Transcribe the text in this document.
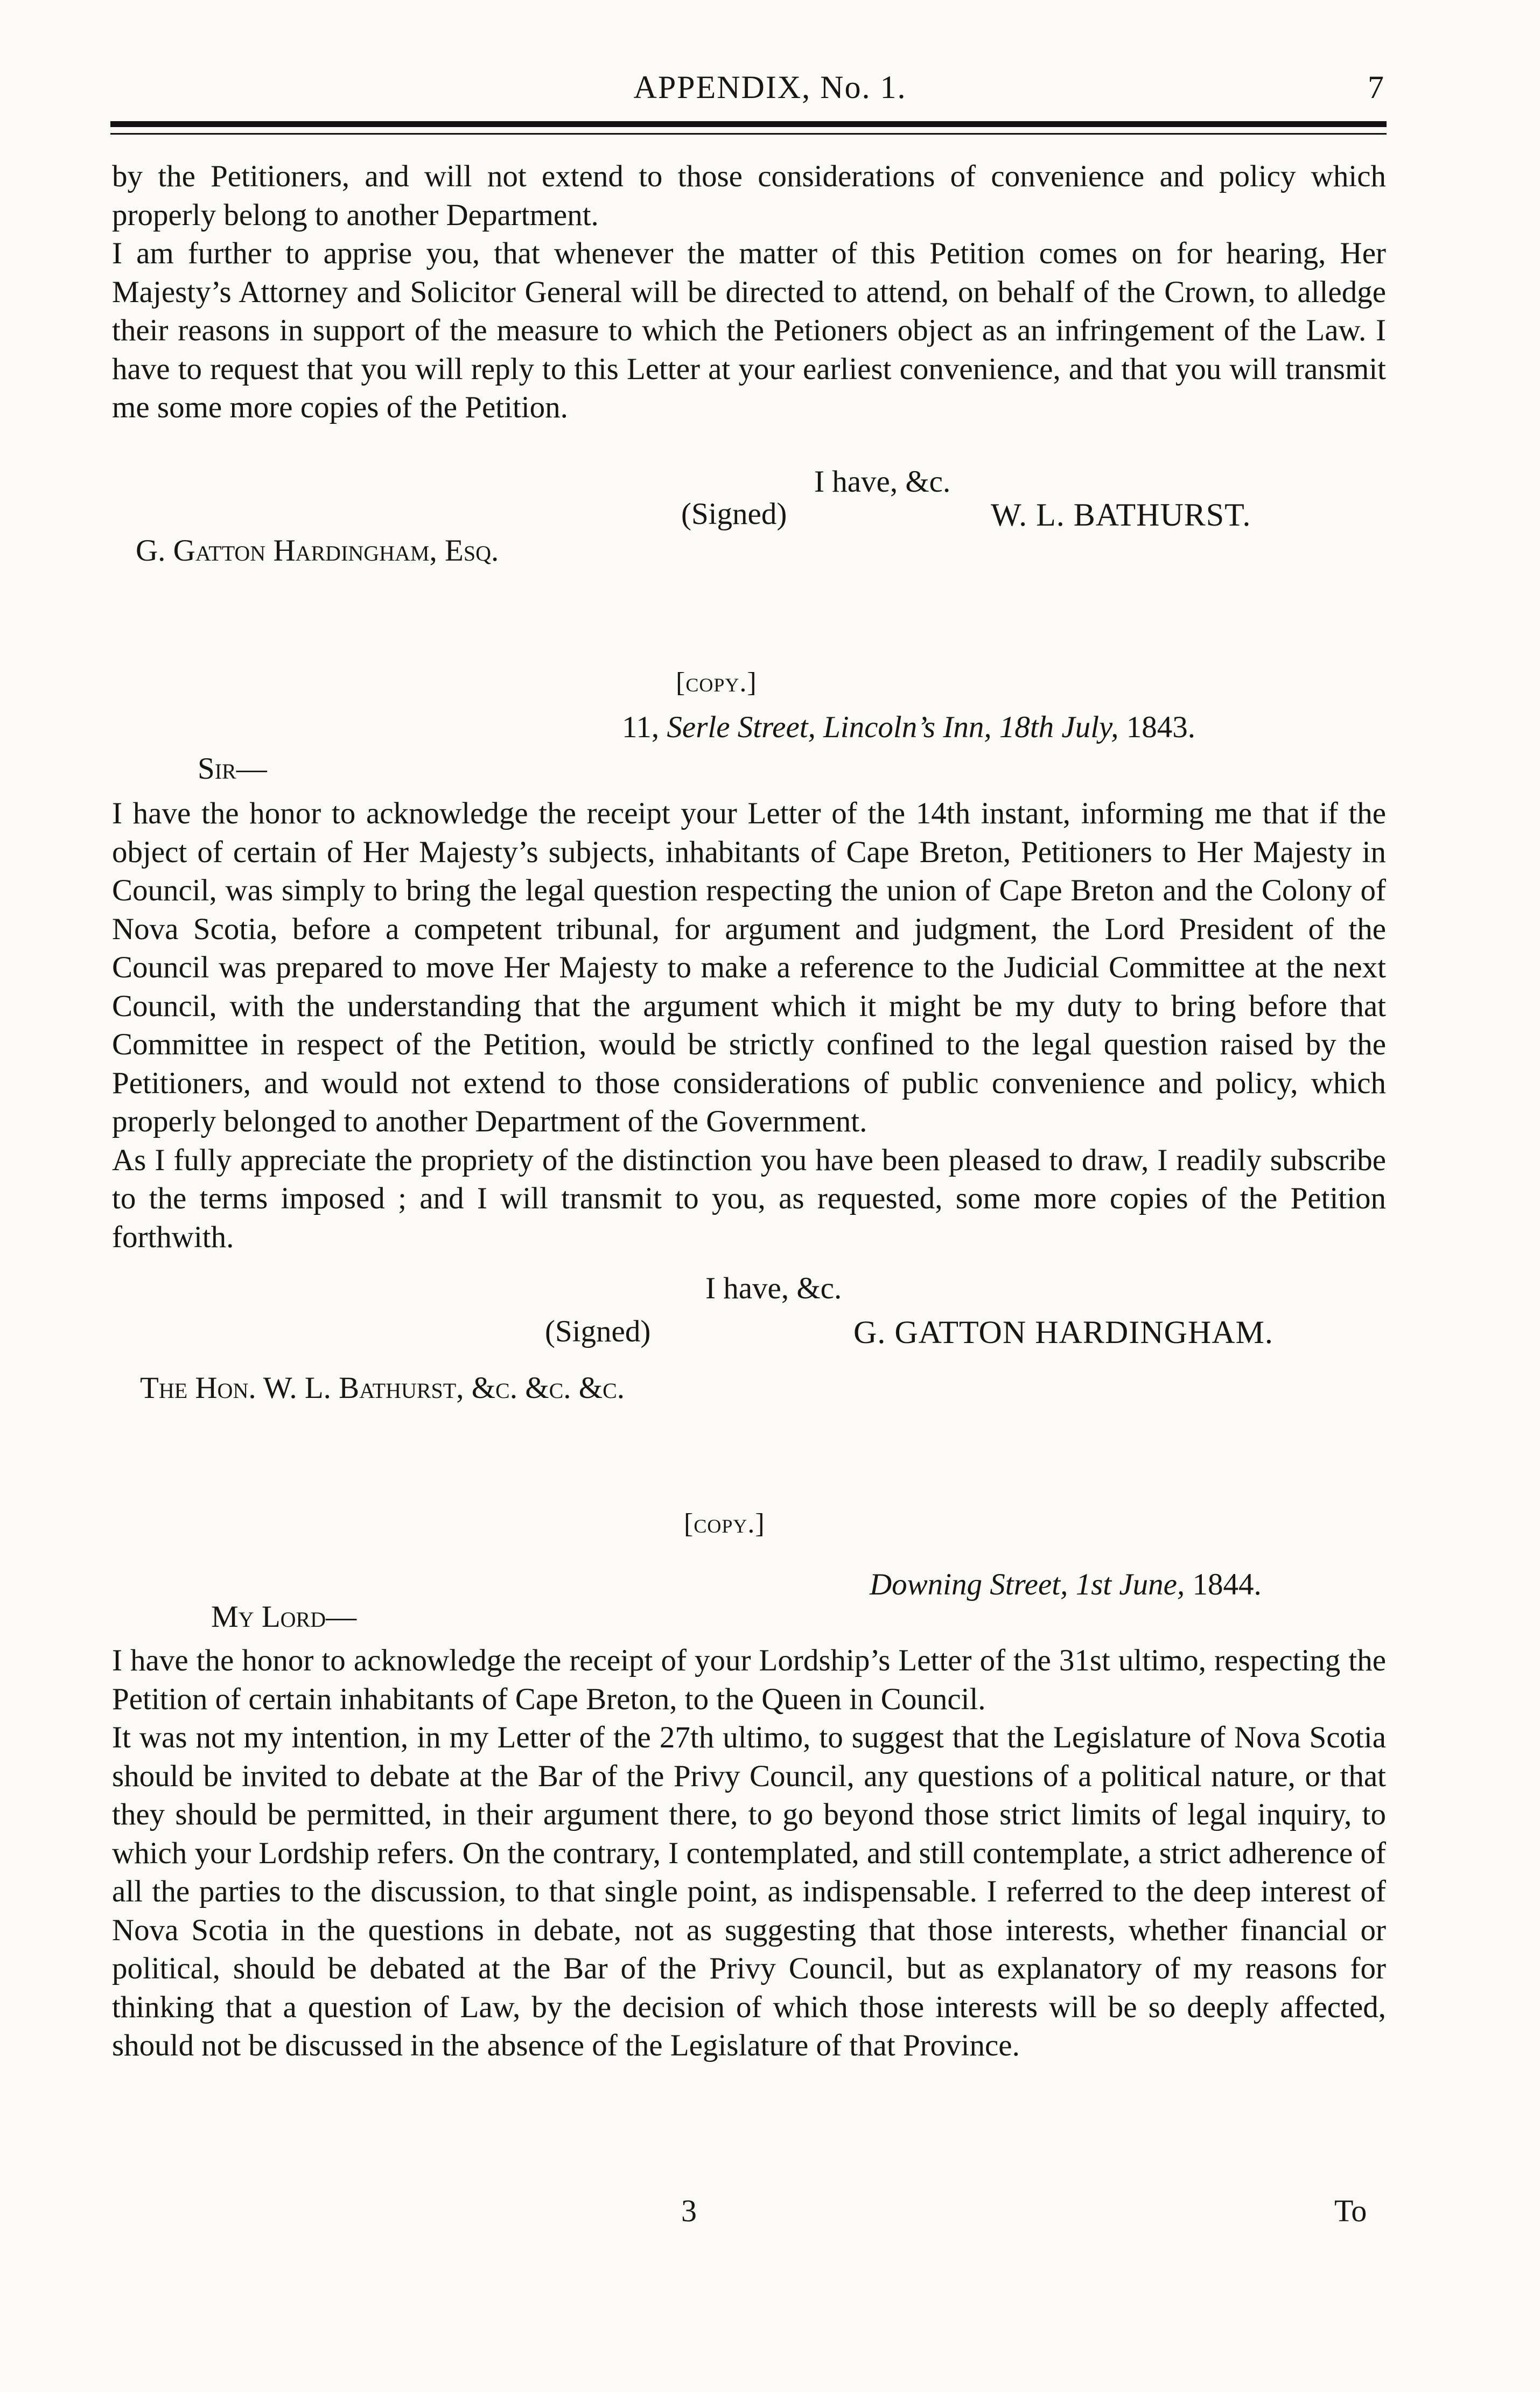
APPENDIX, No. 1.	7

by the Petitioners, and will not extend to those considerations of convenience and policy which properly belong to another Department.

I am further to apprise you, that whenever the matter of this Petition comes on for hearing, Her Majesty’s Attorney and Solicitor General will be directed to attend, on behalf of the Crown, to alledge their reasons in support of the measure to which the Petioners object as an infringement of the Law. I have to request that you will reply to this Letter at your earliest convenience, and that you will transmit me some more copies of the Petition.

I have, &c.
(Signed)	W. L. BATHURST.
G. Gatton Hardingham, Esq.
[copy.]
11, Serle Street, Lincoln’s Inn, 18th July, 1843.
Sir—

I have the honor to acknowledge the receipt your Letter of the 14th instant, informing me that if the object of certain of Her Majesty’s subjects, inhabitants of Cape Breton, Petitioners to Her Majesty in Council, was simply to bring the legal question respecting the union of Cape Breton and the Colony of Nova Scotia, before a competent tribunal, for argument and judgment, the Lord President of the Council was prepared to move Her Majesty to make a reference to the Judicial Committee at the next Council, with the understanding that the argument which it might be my duty to bring before that Committee in respect of the Petition, would be strictly confined to the legal question raised by the Petitioners, and would not extend to those considerations of public convenience and policy, which properly belonged to another Department of the Government.

As I fully appreciate the propriety of the distinction you have been pleased to draw, I readily subscribe to the terms imposed ; and I will transmit to you, as requested, some more copies of the Petition forthwith.

I have, &c.
(Signed)	G. GATTON HARDINGHAM.
The Hon. W. L. Bathurst, &c. &c. &c.
[copy.]
Downing Street, 1st June, 1844.
My Lord—

I have the honor to acknowledge the receipt of your Lordship’s Letter of the 31st ultimo, respecting the Petition of certain inhabitants of Cape Breton, to the Queen in Council.

It was not my intention, in my Letter of the 27th ultimo, to suggest that the Legislature of Nova Scotia should be invited to debate at the Bar of the Privy Council, any questions of a political nature, or that they should be permitted, in their argument there, to go beyond those strict limits of legal inquiry, to which your Lordship refers. On the contrary, I contemplated, and still contemplate, a strict adherence of all the parties to the discussion, to that single point, as indispensable. I referred to the deep interest of Nova Scotia in the questions in debate, not as suggesting that those interests, whether financial or political, should be debated at the Bar of the Privy Council, but as explanatory of my reasons for thinking that a question of Law, by the decision of which those interests will be so deeply affected, should not be discussed in the absence of the Legislature of that Province.

3	To
